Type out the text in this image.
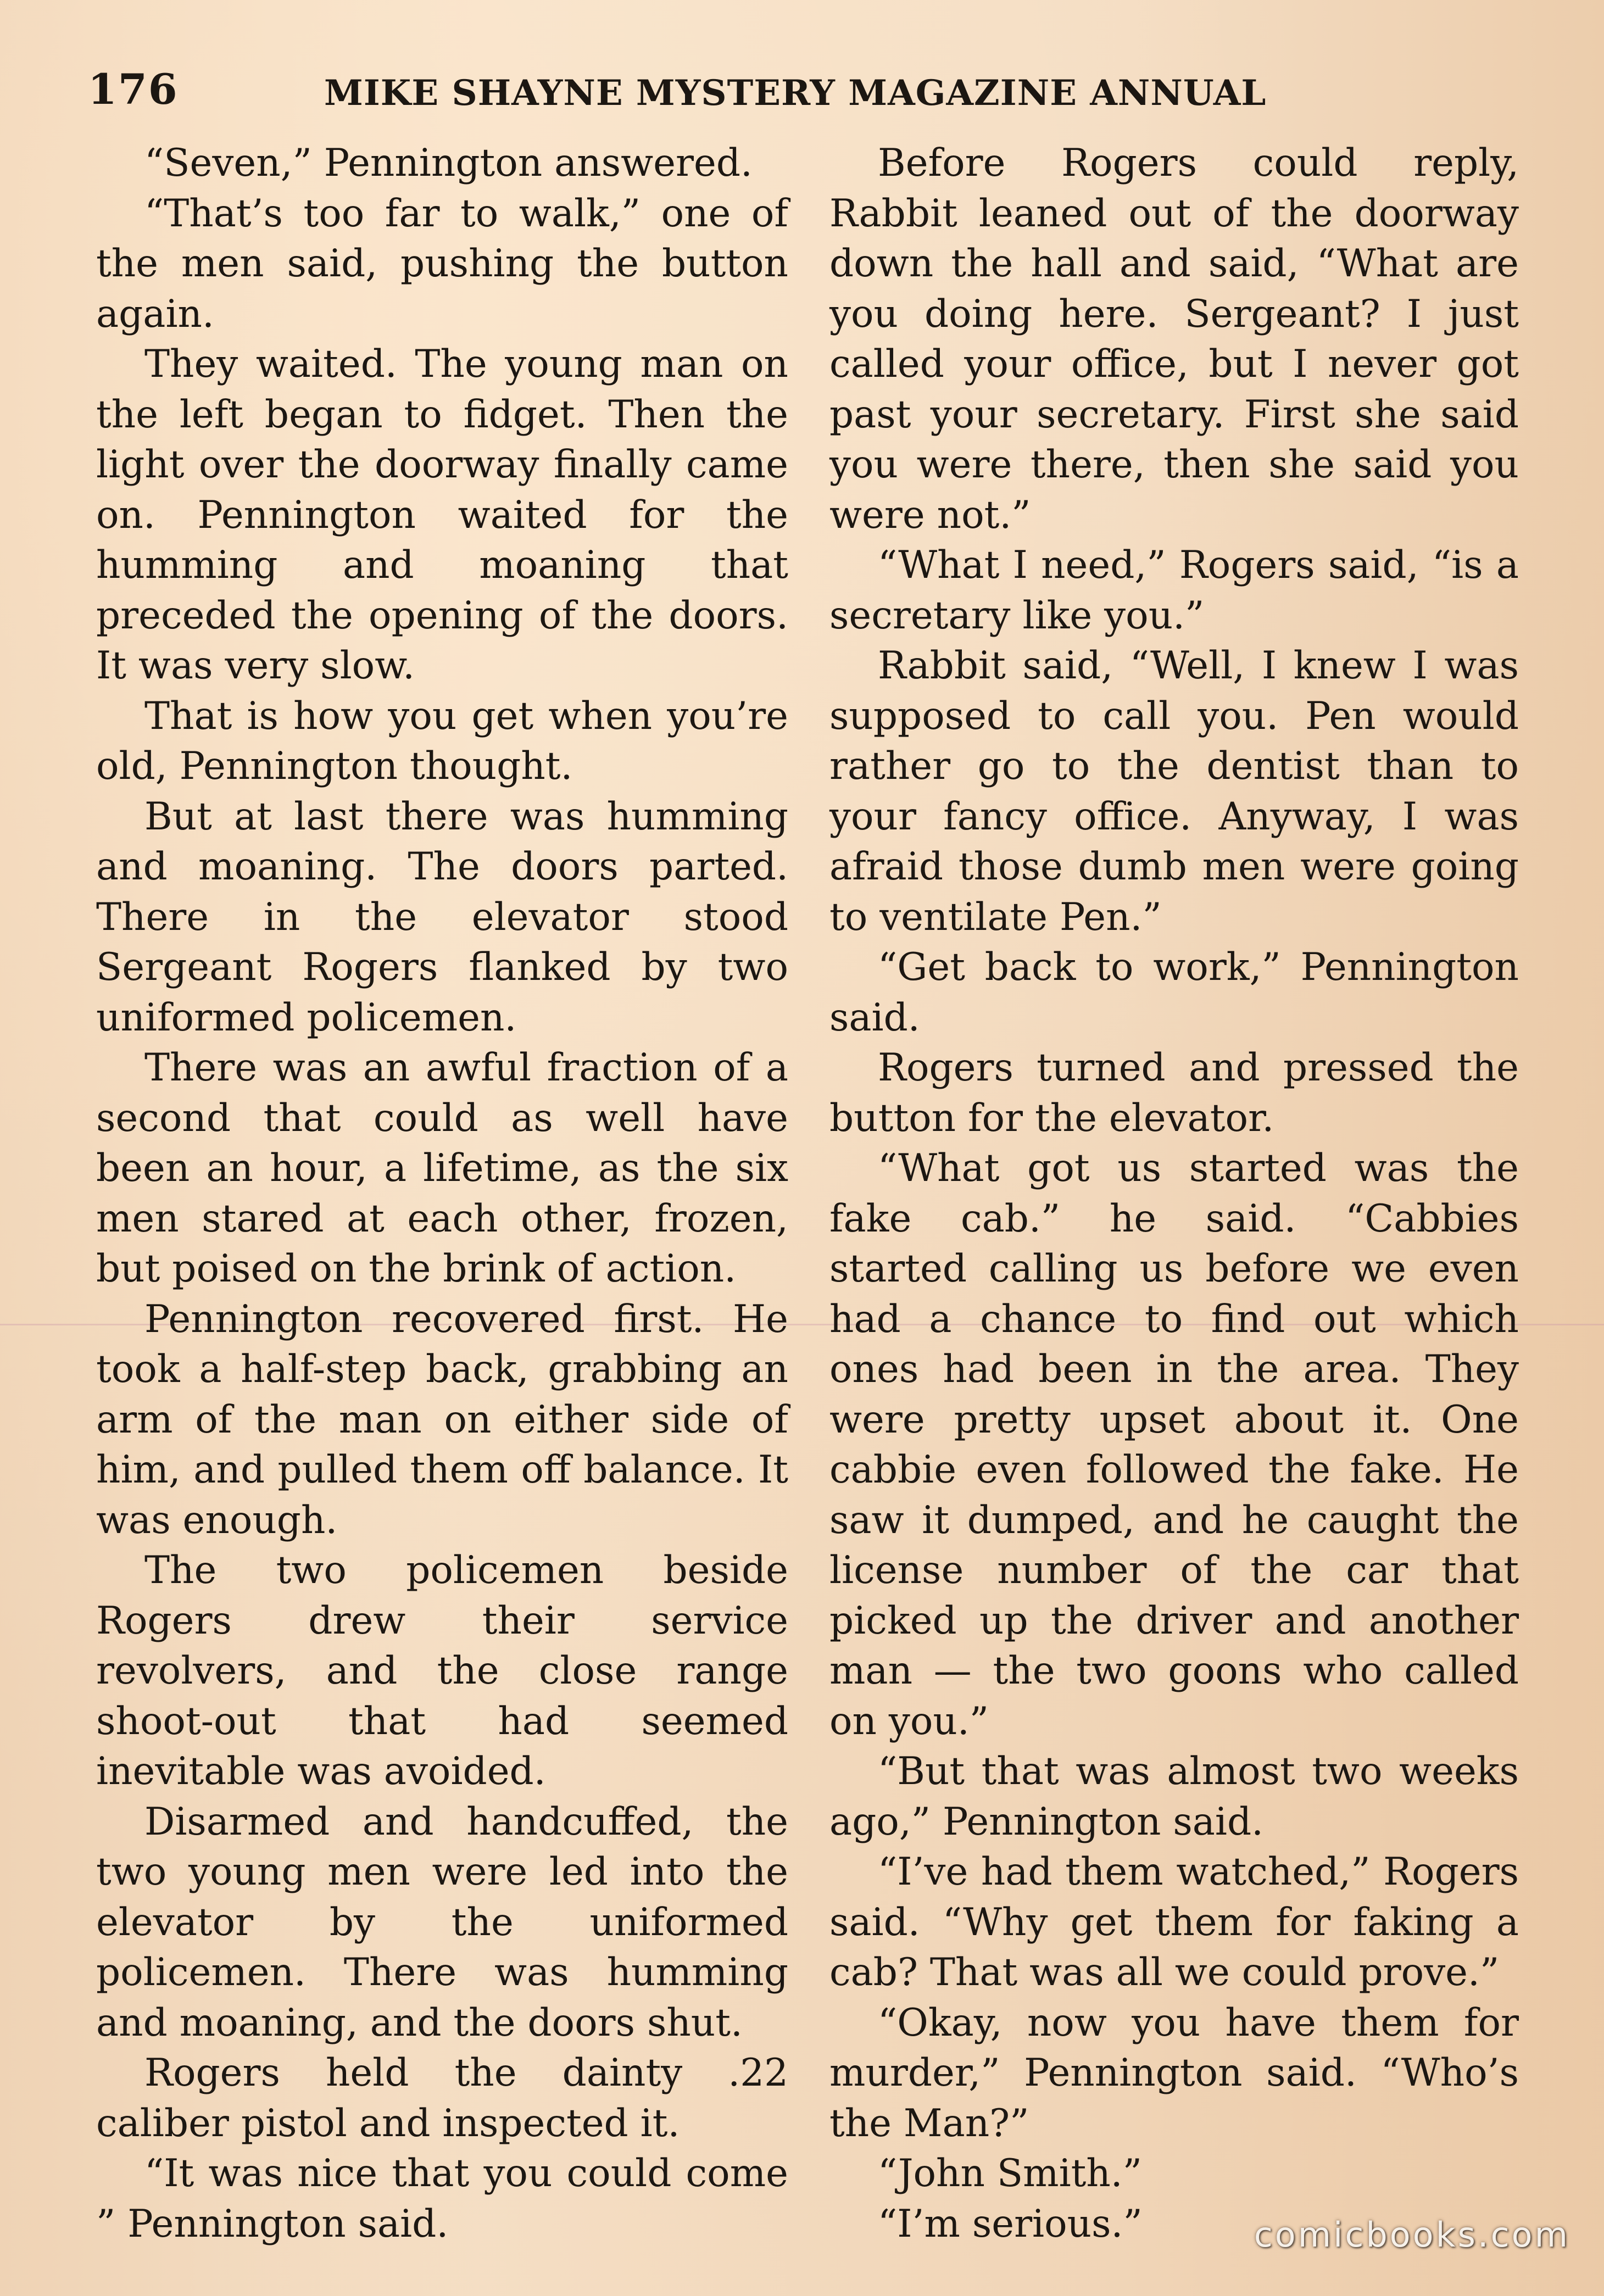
176	MIKE SHAYNE MYSTERY MAGAZINE ANNUAL

“Seven,” Pennington answered.

“That’s too far to walk,” one of the men said, pushing the button again.

They waited. The young man on the left began to fidget. Then the light over the doorway finally came on. Pennington waited for the humming and moaning that preceded the opening of the doors. It was very slow.

That is how you get when you’re old, Pennington thought.

But at last there was humming and moaning. The doors parted. There in the elevator stood Sergeant Rogers flanked by two uniformed policemen.

There was an awful fraction of a second that could as well have been an hour, a lifetime, as the six men stared at each other, frozen, but poised on the brink of action.

Pennington recovered first. He took a half-step back, grabbing an arm of the man on either side of him, and pulled them off balance. It was enough.

The two policemen beside Rogers drew their service revolvers, and the close range shoot-out that had seemed inevitable was avoided.

Disarmed and handcuffed, the two young men were led into the elevator by the uniformed policemen. There was humming and moaning, and the doors shut.

Rogers held the dainty .22 caliber pistol and inspected it.

“It was nice that you could come ” Pennington said.

Before Rogers could reply, Rabbit leaned out of the doorway down the hall and said, “What are you doing here. Sergeant? I just called your office, but I never got past your secretary. First she said you were there, then she said you were not.”

“What I need,” Rogers said, “is a secretary like you.”

Rabbit said, “Well, I knew I was supposed to call you. Pen would rather go to the dentist than to your fancy office. Anyway, I was afraid those dumb men were going to ventilate Pen.”

“Get back to work,” Pennington said.

Rogers turned and pressed the button for the elevator.

“What got us started was the fake cab.” he said. “Cabbies started calling us before we even had a chance to find out which ones had been in the area. They were pretty upset about it. One cabbie even followed the fake. He saw it dumped, and he caught the license number of the car that picked up the driver and another man — the two goons who called on you.”

“But that was almost two weeks ago,” Pennington said.

“I’ve had them watched,” Rogers said. “Why get them for faking a cab? That was all we could prove.”

“Okay, now you have them for murder,” Pennington said. “Who’s the Man?”

“John Smith.”

“I’m serious.”	comicbooks.com
